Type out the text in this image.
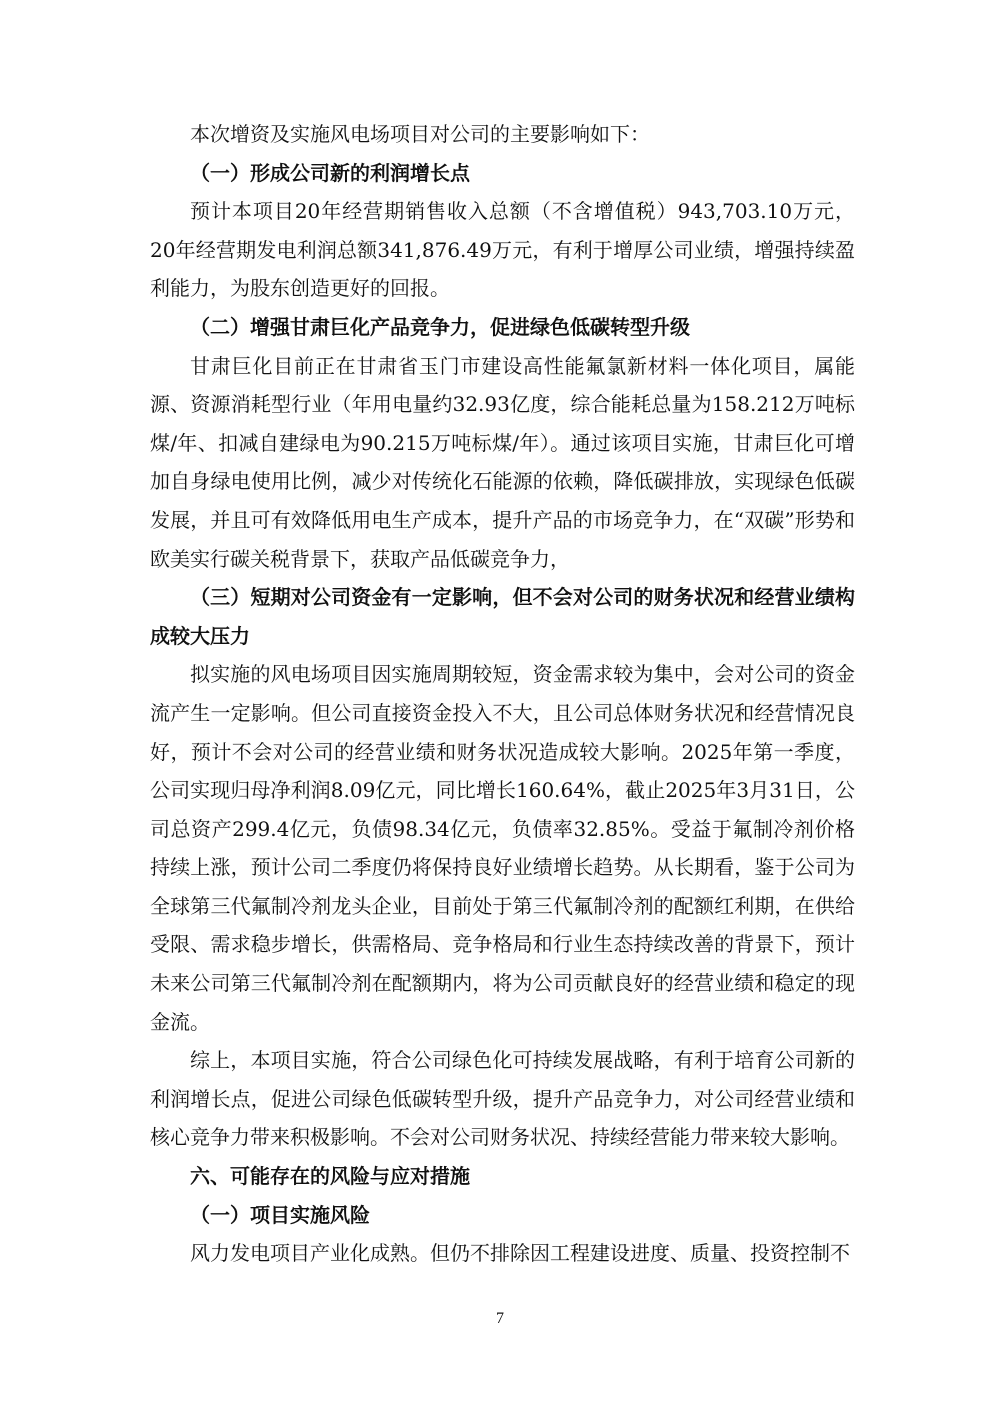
本次增资及实施风电场项目对公司的主要影响如下：

（一）形成公司新的利润增长点

预计本项目20年经营期销售收入总额（不含增值税）943,703.10万元，20年经营期发电利润总额341,876.49万元，有利于增厚公司业绩，增强持续盈利能力，为股东创造更好的回报。

（二）增强甘肃巨化产品竞争力，促进绿色低碳转型升级

甘肃巨化目前正在甘肃省玉门市建设高性能氟氯新材料一体化项目，属能源、资源消耗型行业（年用电量约32.93亿度，综合能耗总量为158.212万吨标煤/年、扣减自建绿电为90.215万吨标煤/年）。通过该项目实施，甘肃巨化可增加自身绿电使用比例，减少对传统化石能源的依赖，降低碳排放，实现绿色低碳发展，并且可有效降低用电生产成本，提升产品的市场竞争力，在“双碳”形势和欧美实行碳关税背景下，获取产品低碳竞争力，

（三）短期对公司资金有一定影响，但不会对公司的财务状况和经营业绩构成较大压力

拟实施的风电场项目因实施周期较短，资金需求较为集中，会对公司的资金流产生一定影响。但公司直接资金投入不大，且公司总体财务状况和经营情况良好，预计不会对公司的经营业绩和财务状况造成较大影响。2025年第一季度，公司实现归母净利润8.09亿元，同比增长160.64%，截止2025年3月31日，公司总资产299.4亿元，负债98.34亿元，负债率32.85%。受益于氟制冷剂价格持续上涨，预计公司二季度仍将保持良好业绩增长趋势。从长期看，鉴于公司为全球第三代氟制冷剂龙头企业，目前处于第三代氟制冷剂的配额红利期，在供给受限、需求稳步增长，供需格局、竞争格局和行业生态持续改善的背景下，预计未来公司第三代氟制冷剂在配额期内，将为公司贡献良好的经营业绩和稳定的现金流。

综上，本项目实施，符合公司绿色化可持续发展战略，有利于培育公司新的利润增长点，促进公司绿色低碳转型升级，提升产品竞争力，对公司经营业绩和核心竞争力带来积极影响。不会对公司财务状况、持续经营能力带来较大影响。

六、可能存在的风险与应对措施
（一）项目实施风险

风力发电项目产业化成熟。但仍不排除因工程建设进度、质量、投资控制不

7
